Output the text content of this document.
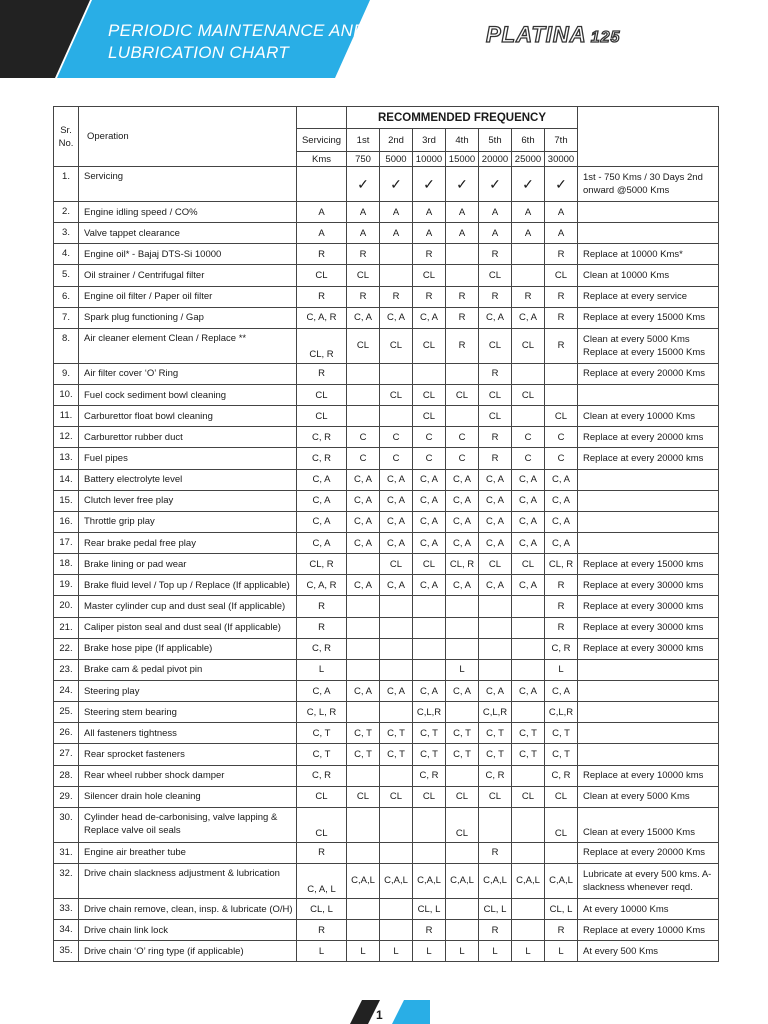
PERIODIC MAINTENANCE AND
LUBRICATION CHART
PLATINA 125
Sr. No.	Operation		RECOMMENDED FREQUENCY							
		Servicing	1st	2nd	3rd	4th	5th	6th	7th	
		Kms	750	5000	10000	15000	20000	25000	30000	
1.	Servicing		✓	✓	✓	✓	✓	✓	✓	1st - 750 Kms / 30 Days 2nd onward @5000 Kms
2.	Engine idling speed / CO%	A	A	A	A	A	A	A	A	
3.	Valve tappet clearance	A	A	A	A	A	A	A	A	
4.	Engine oil* - Bajaj DTS-Si 10000	R	R		R		R		R	Replace at 10000 Kms*
5.	Oil strainer / Centrifugal filter	CL	CL		CL		CL		CL	Clean at 10000 Kms
6.	Engine oil filter / Paper oil filter	R	R	R	R	R	R	R	R	Replace at every service
7.	Spark plug functioning / Gap	C, A, R	C, A	C, A	C, A	R	C, A	C, A	R	Replace at every 15000 Kms
8.	Air cleaner element Clean / Replace **	CL, R	CL	CL	CL	R	CL	CL	R	Clean at every 5000 Kms Replace at every 15000 Kms
9.	Air filter cover ‘O’ Ring	R					R			Replace at every 20000 Kms
10.	Fuel cock sediment bowl cleaning	CL		CL	CL	CL	CL	CL		
11.	Carburettor float bowl cleaning	CL			CL		CL		CL	Clean at every 10000 Kms
12.	Carburettor rubber duct	C, R	C	C	C	C	R	C	C	Replace at every 20000 kms
13.	Fuel pipes	C, R	C	C	C	C	R	C	C	Replace at every 20000 kms
14.	Battery electrolyte level	C, A	C, A	C, A	C, A	C, A	C, A	C, A	C, A	
15.	Clutch lever free play	C, A	C, A	C, A	C, A	C, A	C, A	C, A	C, A	
16.	Throttle grip play	C, A	C, A	C, A	C, A	C, A	C, A	C, A	C, A	
17.	Rear brake pedal free play	C, A	C, A	C, A	C, A	C, A	C, A	C, A	C, A	
18.	Brake lining or pad wear	CL, R		CL	CL	CL, R	CL	CL	CL, R	Replace at every 15000 kms
19.	Brake fluid level / Top up / Replace (If applicable)	C, A, R	C, A	C, A	C, A	C, A	C, A	C, A	R	Replace at every 30000 kms
20.	Master cylinder cup and dust seal (If applicable)	R							R	Replace at every 30000 kms
21.	Caliper piston seal and dust seal (If applicable)	R							R	Replace at every 30000 kms
22.	Brake hose pipe (If applicable)	C, R							C, R	Replace at every 30000 kms
23.	Brake cam & pedal pivot pin	L				L			L	
24.	Steering play	C, A	C, A	C, A	C, A	C, A	C, A	C, A	C, A	
25.	Steering stem bearing	C, L, R			C,L,R		C,L,R		C,L,R	
26.	All fasteners tightness	C, T	C, T	C, T	C, T	C, T	C, T	C, T	C, T	
27.	Rear sprocket fasteners	C, T	C, T	C, T	C, T	C, T	C, T	C, T	C, T	
28.	Rear wheel rubber shock damper	C, R			C, R		C, R		C, R	Replace at every 10000 kms
29.	Silencer drain hole cleaning	CL	CL	CL	CL	CL	CL	CL	CL	Clean at every 5000 Kms
30.	Cylinder head de-carbonising, valve lapping & Replace valve oil seals	CL				CL			CL	Clean at every 15000 Kms
31.	Engine air breather tube	R					R			Replace at every 20000 Kms
32.	Drive chain slackness adjustment & lubrication	C, A, L	C,A,L	C,A,L	C,A,L	C,A,L	C,A,L	C,A,L	C,A,L	Lubricate at every 500 kms. A- slackness whenever reqd.
33.	Drive chain remove, clean, insp. & lubricate (O/H)	CL, L			CL, L		CL, L		CL, L	At every 10000 Kms
34.	Drive chain link lock	R			R		R		R	Replace at every 10000 Kms
35.	Drive chain ‘O’ ring type (if applicable)	L	L	L	L	L	L	L	L	At every 500 Kms
1
